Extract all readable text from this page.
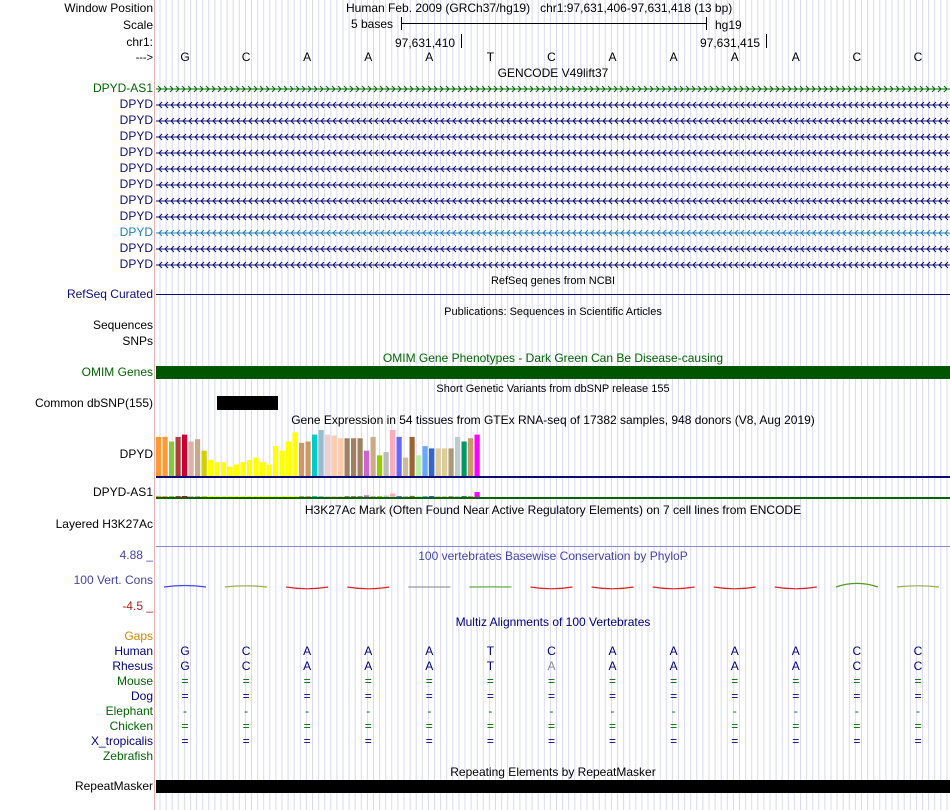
Window Position	Human Feb. 2009 (GRCh37/hg19)   chr1:97,631,406-97,631,418 (13 bp)
Scale	5 bases	hg19
chr1:	97,631,410	97,631,415
--->	G	C	A	A	A	T	C	A	A	A	A	C	C
GENCODE V49lift37
DPYD-AS1
DPYD
DPYD
DPYD
DPYD
DPYD
DPYD
DPYD
DPYD
DPYD
DPYD
DPYD
RefSeq genes from NCBI
RefSeq Curated
Publications: Sequences in Scientific Articles
Sequences
SNPs
OMIM Gene Phenotypes - Dark Green Can Be Disease-causing
OMIM Genes
Short Genetic Variants from dbSNP release 155
Common dbSNP(155)
Gene Expression in 54 tissues from GTEx RNA-seq of 17382 samples, 948 donors (V8, Aug 2019)
DPYD
DPYD-AS1
H3K27Ac Mark (Often Found Near Active Regulatory Elements) on 7 cell lines from ENCODE
Layered H3K27Ac
100 vertebrates Basewise Conservation by PhyloP
4.88 _
100 Vert. Cons
-4.5 _
Multiz Alignments of 100 Vertebrates
Gaps
Human	G	C	A	A	A	T	C	A	A	A	A	C	C
Rhesus	G	C	A	A	A	T	A	A	A	A	A	C	C
Mouse	=	=	=	=	=	=	=	=	=	=	=	=	=
Dog	=	=	=	=	=	=	=	=	=	=	=	=	=
Elephant	-	-	-	-	-	-	-	-	-	-	-	-	-
Chicken	=	=	=	=	=	=	=	=	=	=	=	=	=
X_tropicalis	=	=	=	=	=	=	=	=	=	=	=	=	=
Zebrafish
Repeating Elements by RepeatMasker
RepeatMasker
